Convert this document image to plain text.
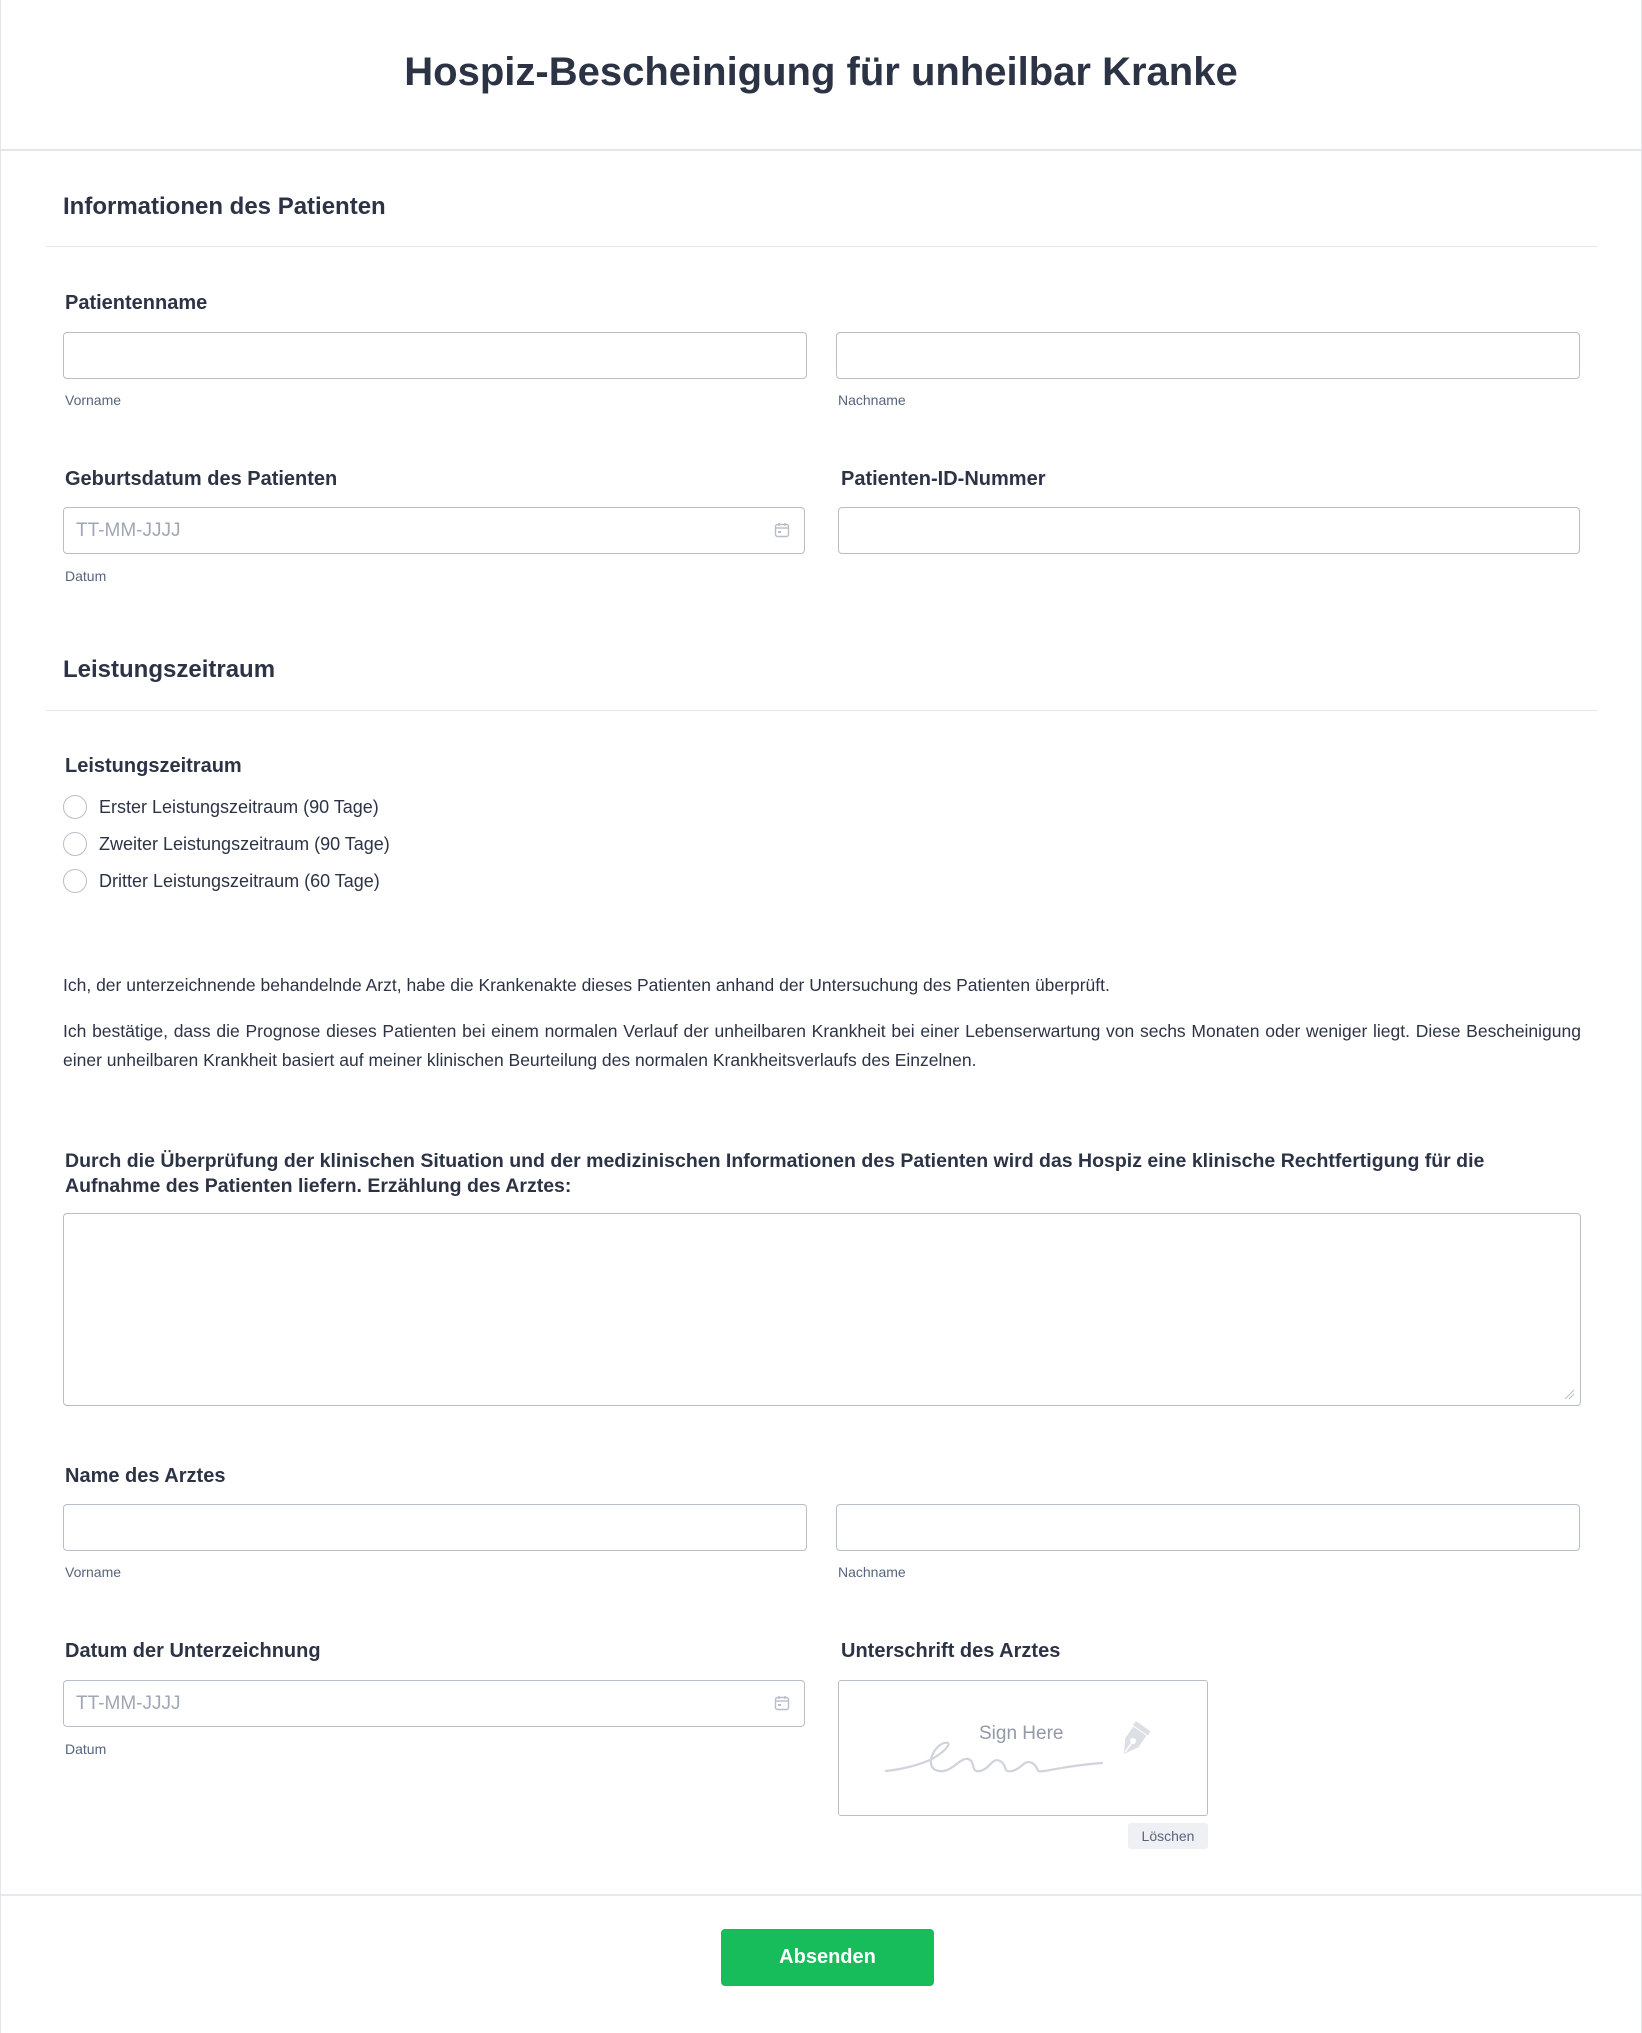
Hospiz-Bescheinigung für unheilbar Kranke
Informationen des Patienten
Patientenname
Vorname	Nachname
Geburtsdatum des Patienten
TT-MM-JJJJ
Datum
Patienten-ID-Nummer
Leistungszeitraum
Leistungszeitraum
Erster Leistungszeitraum (90 Tage)
Zweiter Leistungszeitraum (90 Tage)
Dritter Leistungszeitraum (60 Tage)

Ich, der unterzeichnende behandelnde Arzt, habe die Krankenakte dieses Patienten anhand der Untersuchung des Patienten überprüft.

Ich bestätige, dass die Prognose dieses Patienten bei einem normalen Verlauf der unheilbaren Krankheit bei einer Lebenserwartung von sechs Monaten oder weniger liegt. Diese Bescheinigung einer unheilbaren Krankheit basiert auf meiner klinischen Beurteilung des normalen Krankheitsverlaufs des Einzelnen.

Durch die Überprüfung der klinischen Situation und der medizinischen Informationen des Patienten wird das Hospiz eine klinische Rechtfertigung für die Aufnahme des Patienten liefern. Erzählung des Arztes:
Name des Arztes
Vorname	Nachname
Datum der Unterzeichnung
TT-MM-JJJJ
Datum
Unterschrift des Arztes
Sign Here
Löschen
Absenden
